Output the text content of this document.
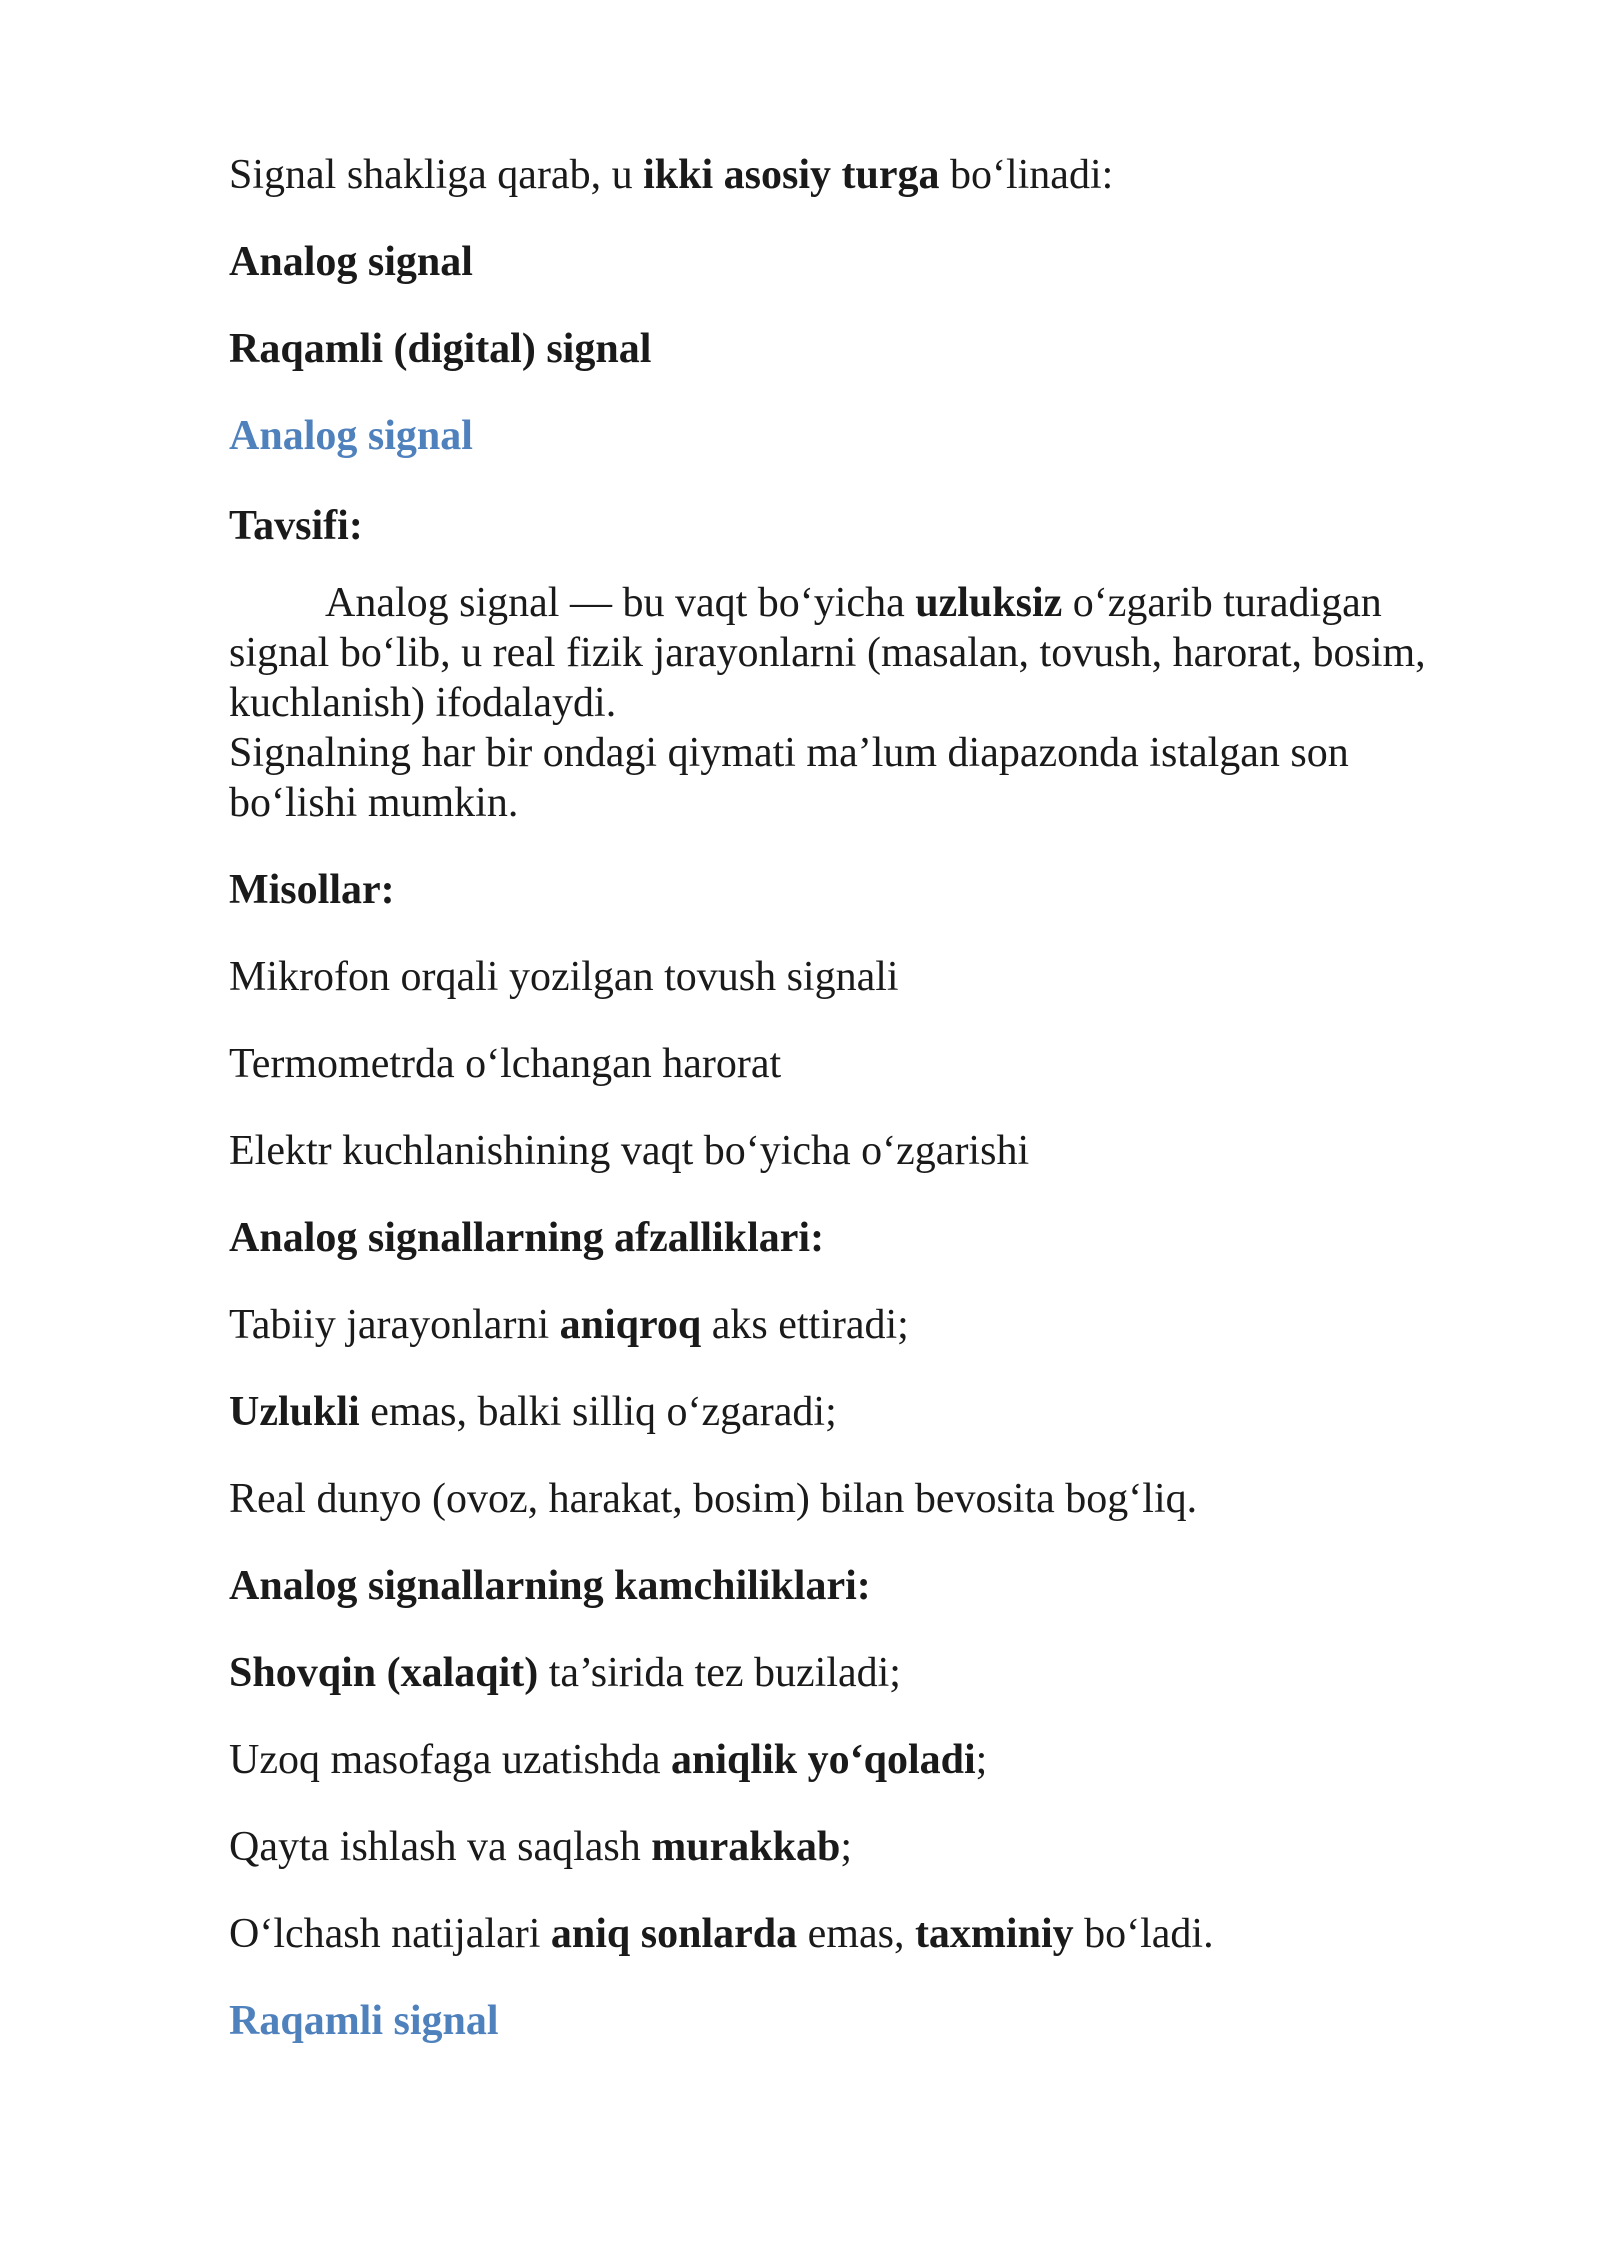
Signal shakliga qarab, u ikki asosiy turga bo‘linadi:

Analog signal

Raqamli (digital) signal

Analog signal

Tavsifi:

Analog signal — bu vaqt bo‘yicha uzluksiz o‘zgarib turadigan signal bo‘lib, u real fizik jarayonlarni (masalan, tovush, harorat, bosim, kuchlanish) ifodalaydi.
Signalning har bir ondagi qiymati ma’lum diapazonda istalgan son bo‘lishi mumkin.

Misollar:

Mikrofon orqali yozilgan tovush signali

Termometrda o‘lchangan harorat

Elektr kuchlanishining vaqt bo‘yicha o‘zgarishi

Analog signallarning afzalliklari:

Tabiiy jarayonlarni aniqroq aks ettiradi;

Uzlukli emas, balki silliq o‘zgaradi;

Real dunyo (ovoz, harakat, bosim) bilan bevosita bog‘liq.

Analog signallarning kamchiliklari:

Shovqin (xalaqit) ta’sirida tez buziladi;

Uzoq masofaga uzatishda aniqlik yo‘qoladi;

Qayta ishlash va saqlash murakkab;

O‘lchash natijalari aniq sonlarda emas, taxminiy bo‘ladi.

Raqamli signal
